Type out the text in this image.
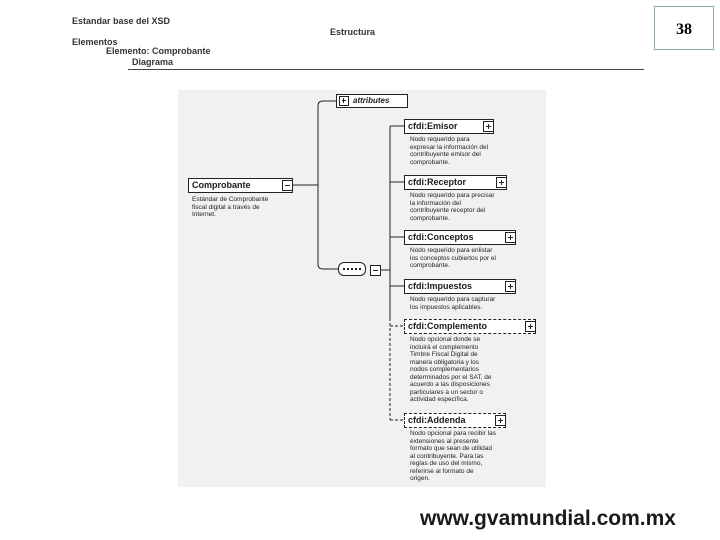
Estandar base del XSD
Estructura
Elementos
Elemento: Comprobante
Diagrama
38
attributes
Comprobante
Estándar de Comprobante
fiscal digital a través de
Internet.
cfdi:Emisor
Nodo requerido para
expresar la información del
contribuyente emisor del
comprobante.
cfdi:Receptor
Nodo requerido para precisar
la información del
contribuyente receptor del
comprobante.
cfdi:Conceptos
Nodo requerido para enlistar
los conceptos cubiertos por el
comprobante.
cfdi:Impuestos
Nodo requerido para capturar
los impuestos aplicables.
cfdi:Complemento
Nodo opcional donde se
incluirá el complemento
Timbre Fiscal Digital de
manera obligatoria y los
nodos complementarios
determinados por el SAT, de
acuerdo a las disposiciones
particulares a un sector o
actividad específica.
cfdi:Addenda
Nodo opcional para recibir las
extensiones al presente
formato que sean de utilidad
al contribuyente. Para las
reglas de uso del mismo,
referirse al formato de
origen.
www.gvamundial.com.mx
